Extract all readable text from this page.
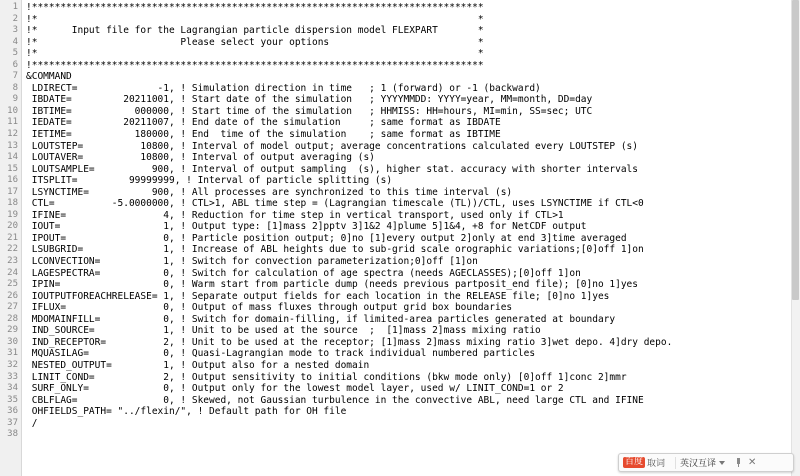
1
2
3
4
5
6
7
8
9
10
11
12
13
14
15
16
17
18
19
20
21
22
23
24
25
26
27
28
29
30
31
32
33
34
35
36
37
38
!*******************************************************************************
!*                                                                             *
!*      Input file for the Lagrangian particle dispersion model FLEXPART       *
!*                         Please select your options                          *
!*                                                                             *
!*******************************************************************************
&COMMAND
LDIRECT=              -1, ! Simulation direction in time   ; 1 (forward) or -1 (backward)
IBDATE=         20211001, ! Start date of the simulation   ; YYYYMMDD: YYYY=year, MM=month, DD=day
IBTIME=           000000, ! Start time of the simulation   ; HHMISS: HH=hours, MI=min, SS=sec; UTC
IEDATE=         20211007, ! End date of the simulation     ; same format as IBDATE
IETIME=           180000, ! End  time of the simulation    ; same format as IBTIME
LOUTSTEP=          10800, ! Interval of model output; average concentrations calculated every LOUTSTEP (s)
LOUTAVER=          10800, ! Interval of output averaging (s)
LOUTSAMPLE=          900, ! Interval of output sampling  (s), higher stat. accuracy with shorter intervals
ITSPLIT=         99999999, ! Interval of particle splitting (s)
LSYNCTIME=           900, ! All processes are synchronized to this time interval (s)
CTL=          -5.0000000, ! CTL>1, ABL time step = (Lagrangian timescale (TL))/CTL, uses LSYNCTIME if CTL<0
IFINE=                 4, ! Reduction for time step in vertical transport, used only if CTL>1
IOUT=                  1, ! Output type: [1]mass 2]pptv 3]1&2 4]plume 5]1&4, +8 for NetCDF output
IPOUT=                 0, ! Particle position output; 0]no [1]every output 2]only at end 3]time averaged
LSUBGRID=              1, ! Increase of ABL heights due to sub-grid scale orographic variations;[0]off 1]on
LCONVECTION=           1, ! Switch for convection parameterization;0]off [1]on
LAGESPECTRA=           0, ! Switch for calculation of age spectra (needs AGECLASSES);[0]off 1]on
IPIN=                  0, ! Warm start from particle dump (needs previous partposit_end file); [0]no 1]yes
IOUTPUTFOREACHRELEASE= 1, ! Separate output fields for each location in the RELEASE file; [0]no 1]yes
IFLUX=                 0, ! Output of mass fluxes through output grid box boundaries
MDOMAINFILL=           0, ! Switch for domain-filling, if limited-area particles generated at boundary
IND_SOURCE=            1, ! Unit to be used at the source  ;  [1]mass 2]mass mixing ratio
IND_RECEPTOR=          2, ! Unit to be used at the receptor; [1]mass 2]mass mixing ratio 3]wet depo. 4]dry depo.
MQUASILAG=             0, ! Quasi-Lagrangian mode to track individual numbered particles
NESTED_OUTPUT=         1, ! Output also for a nested domain
LINIT_COND=            2, ! Output sensitivity to initial conditions (bkw mode only) [0]off 1]conc 2]mmr
SURF_ONLY=             0, ! Output only for the lowest model layer, used w/ LINIT_COND=1 or 2
CBLFLAG=               0, ! Skewed, not Gaussian turbulence in the convective ABL, need large CTL and IFINE
OHFIELDS_PATH= "../flexin/", ! Default path for OH file
/
百度 取词 英汉互译	✕
